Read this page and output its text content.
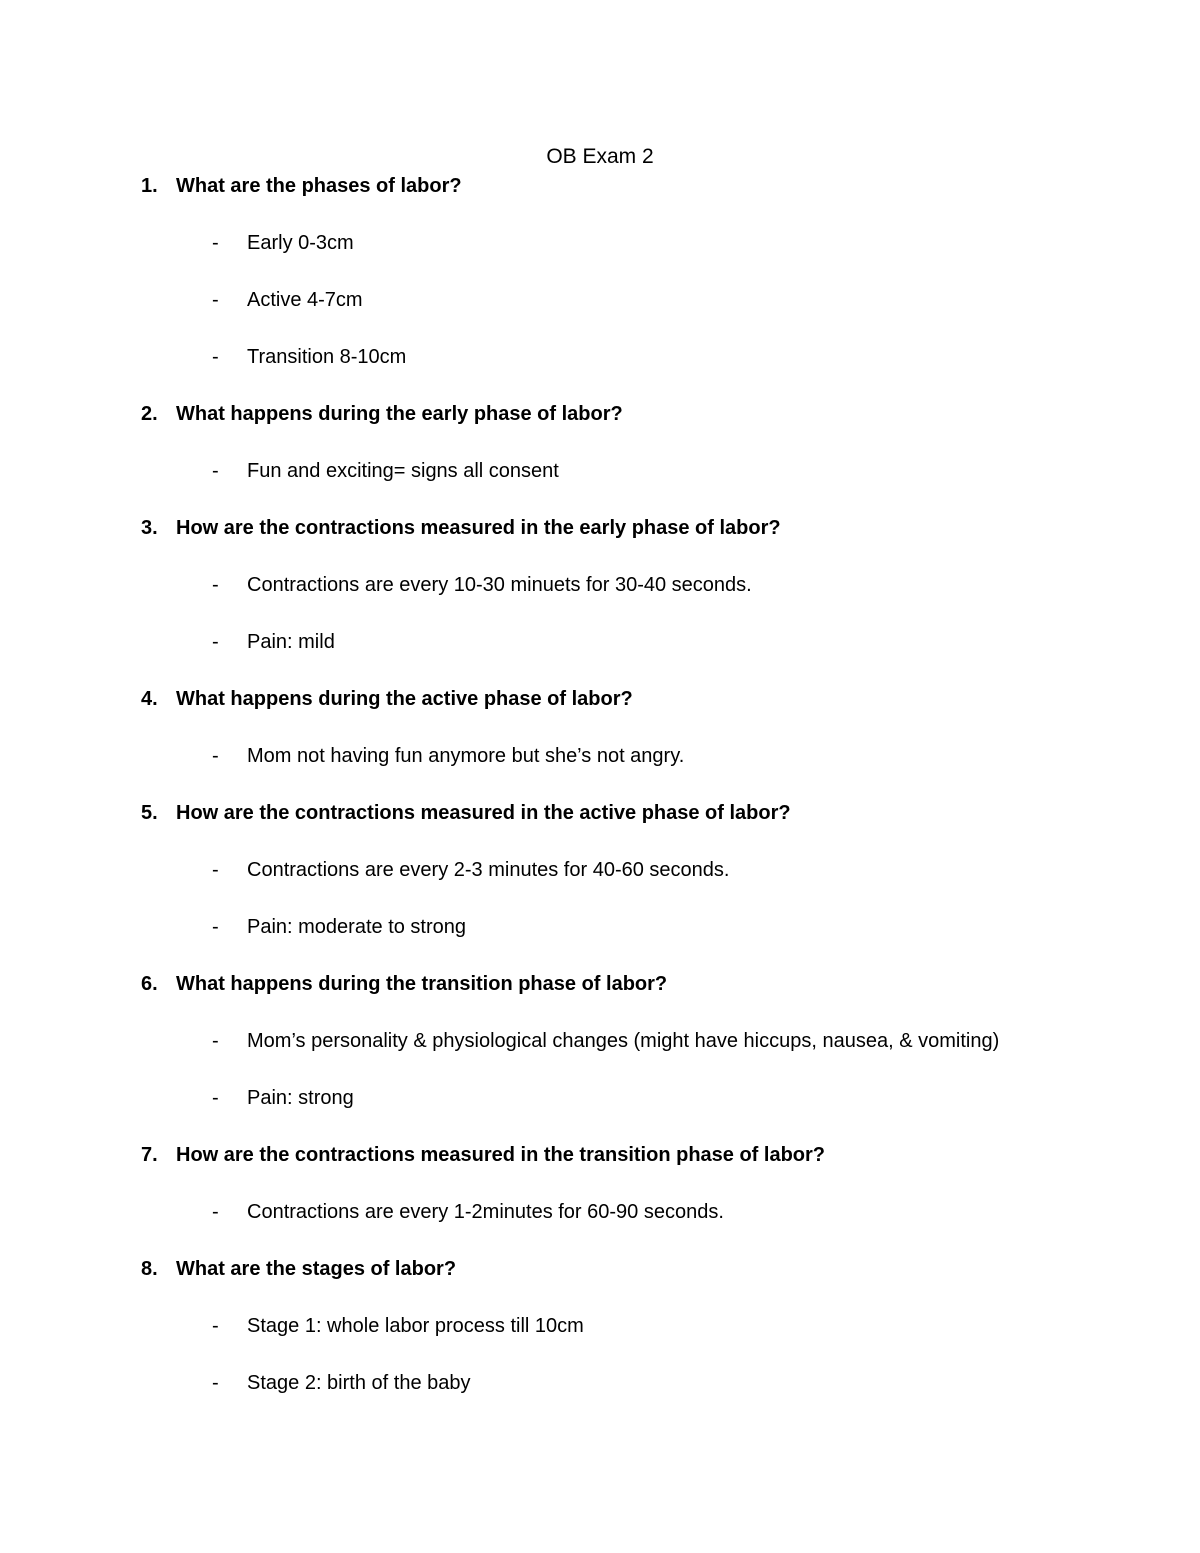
OB Exam 2
1. What are the phases of labor?
- Early 0-3cm
- Active 4-7cm
- Transition 8-10cm
2. What happens during the early phase of labor?
- Fun and exciting= signs all consent
3. How are the contractions measured in the early phase of labor?
- Contractions are every 10-30 minuets for 30-40 seconds.
- Pain: mild
4. What happens during the active phase of labor?
- Mom not having fun anymore but she’s not angry.
5. How are the contractions measured in the active phase of labor?
- Contractions are every 2-3 minutes for 40-60 seconds.
- Pain: moderate to strong
6. What happens during the transition phase of labor?
- Mom’s personality & physiological changes (might have hiccups, nausea, & vomiting)
- Pain: strong
7. How are the contractions measured in the transition phase of labor?
- Contractions are every 1-2minutes for 60-90 seconds.
8. What are the stages of labor?
- Stage 1: whole labor process till 10cm
- Stage 2: birth of the baby
